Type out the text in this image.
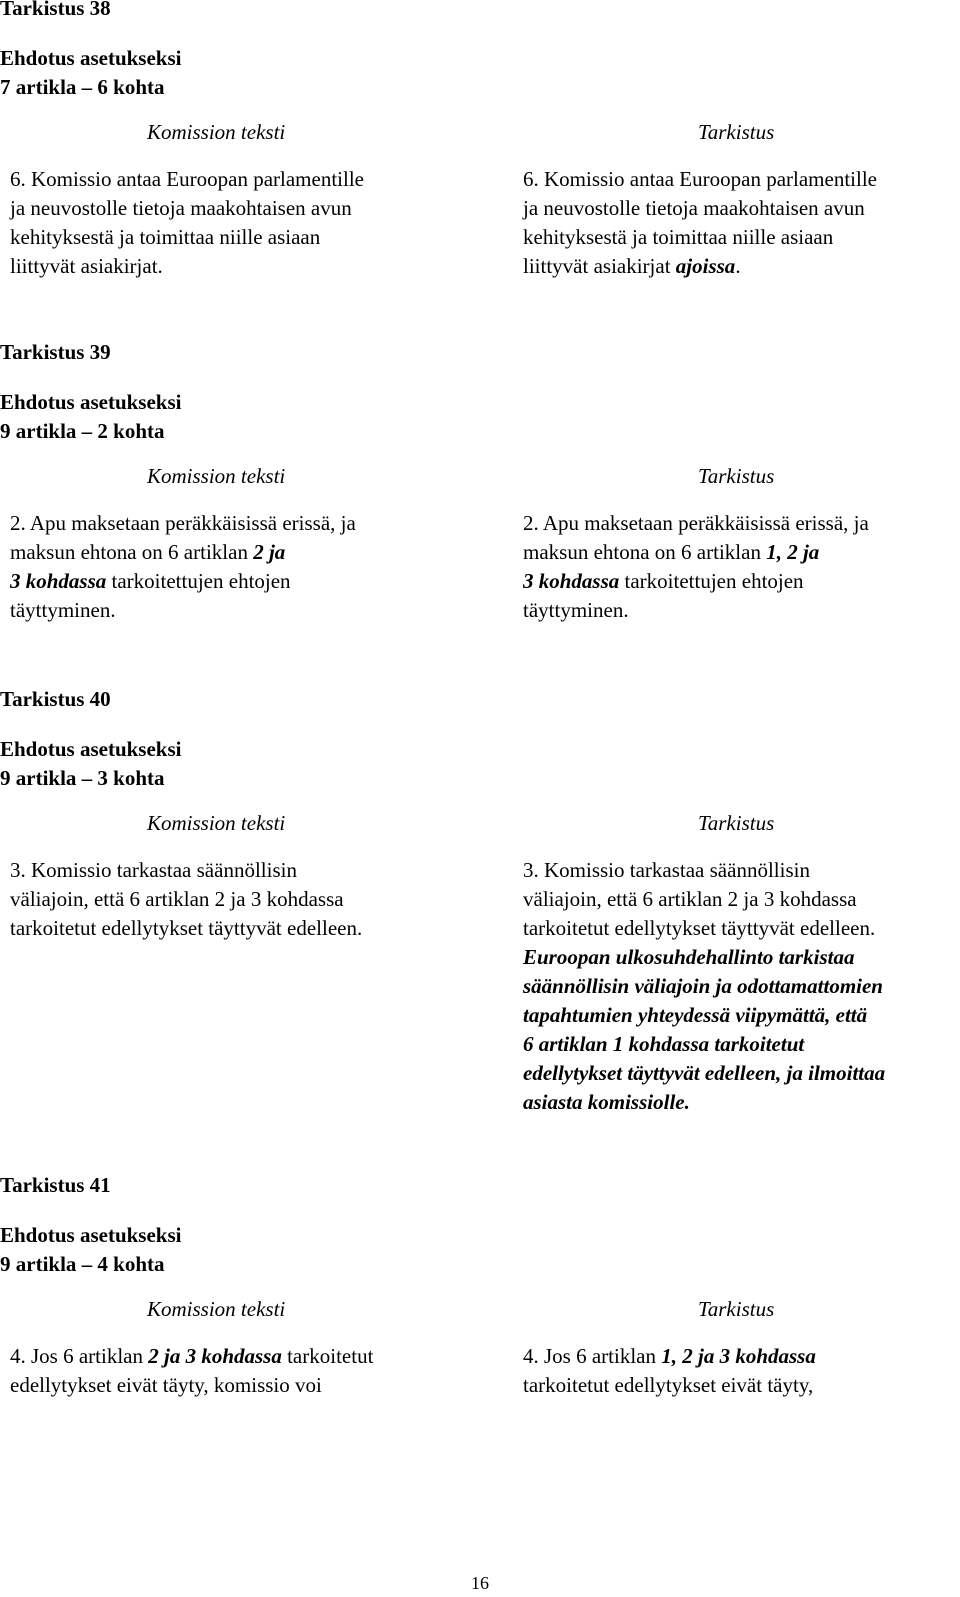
Tarkistus 38

Ehdotus asetukseksi

7 artikla – 6 kohta

Komission teksti

6. Komissio antaa Euroopan parlamentille
ja neuvostolle tietoja maakohtaisen avun
kehityksestä ja toimittaa niille asiaan
liittyvät asiakirjat.

Tarkistus

6. Komissio antaa Euroopan parlamentille
ja neuvostolle tietoja maakohtaisen avun
kehityksestä ja toimittaa niille asiaan
liittyvät asiakirjat ajoissa.

Tarkistus 39

Ehdotus asetukseksi

9 artikla – 2 kohta

Komission teksti

2. Apu maksetaan peräkkäisissä erissä, ja
maksun ehtona on 6 artiklan 2 ja
3 kohdassa tarkoitettujen ehtojen
täyttyminen.

Tarkistus

2. Apu maksetaan peräkkäisissä erissä, ja
maksun ehtona on 6 artiklan 1, 2 ja
3 kohdassa tarkoitettujen ehtojen
täyttyminen.

Tarkistus 40

Ehdotus asetukseksi

9 artikla – 3 kohta

Komission teksti

3. Komissio tarkastaa säännöllisin
väliajoin, että 6 artiklan 2 ja 3 kohdassa
tarkoitetut edellytykset täyttyvät edelleen.

Tarkistus

3. Komissio tarkastaa säännöllisin
väliajoin, että 6 artiklan 2 ja 3 kohdassa
tarkoitetut edellytykset täyttyvät edelleen.
Euroopan ulkosuhdehallinto tarkistaa
säännöllisin väliajoin ja odottamattomien
tapahtumien yhteydessä viipymättä, että
6 artiklan 1 kohdassa tarkoitetut
edellytykset täyttyvät edelleen, ja ilmoittaa
asiasta komissiolle.

Tarkistus 41

Ehdotus asetukseksi

9 artikla – 4 kohta

Komission teksti

4. Jos 6 artiklan 2 ja 3 kohdassa tarkoitetut
edellytykset eivät täyty, komissio voi

Tarkistus

4. Jos 6 artiklan 1, 2 ja 3 kohdassa
tarkoitetut edellytykset eivät täyty,

16
